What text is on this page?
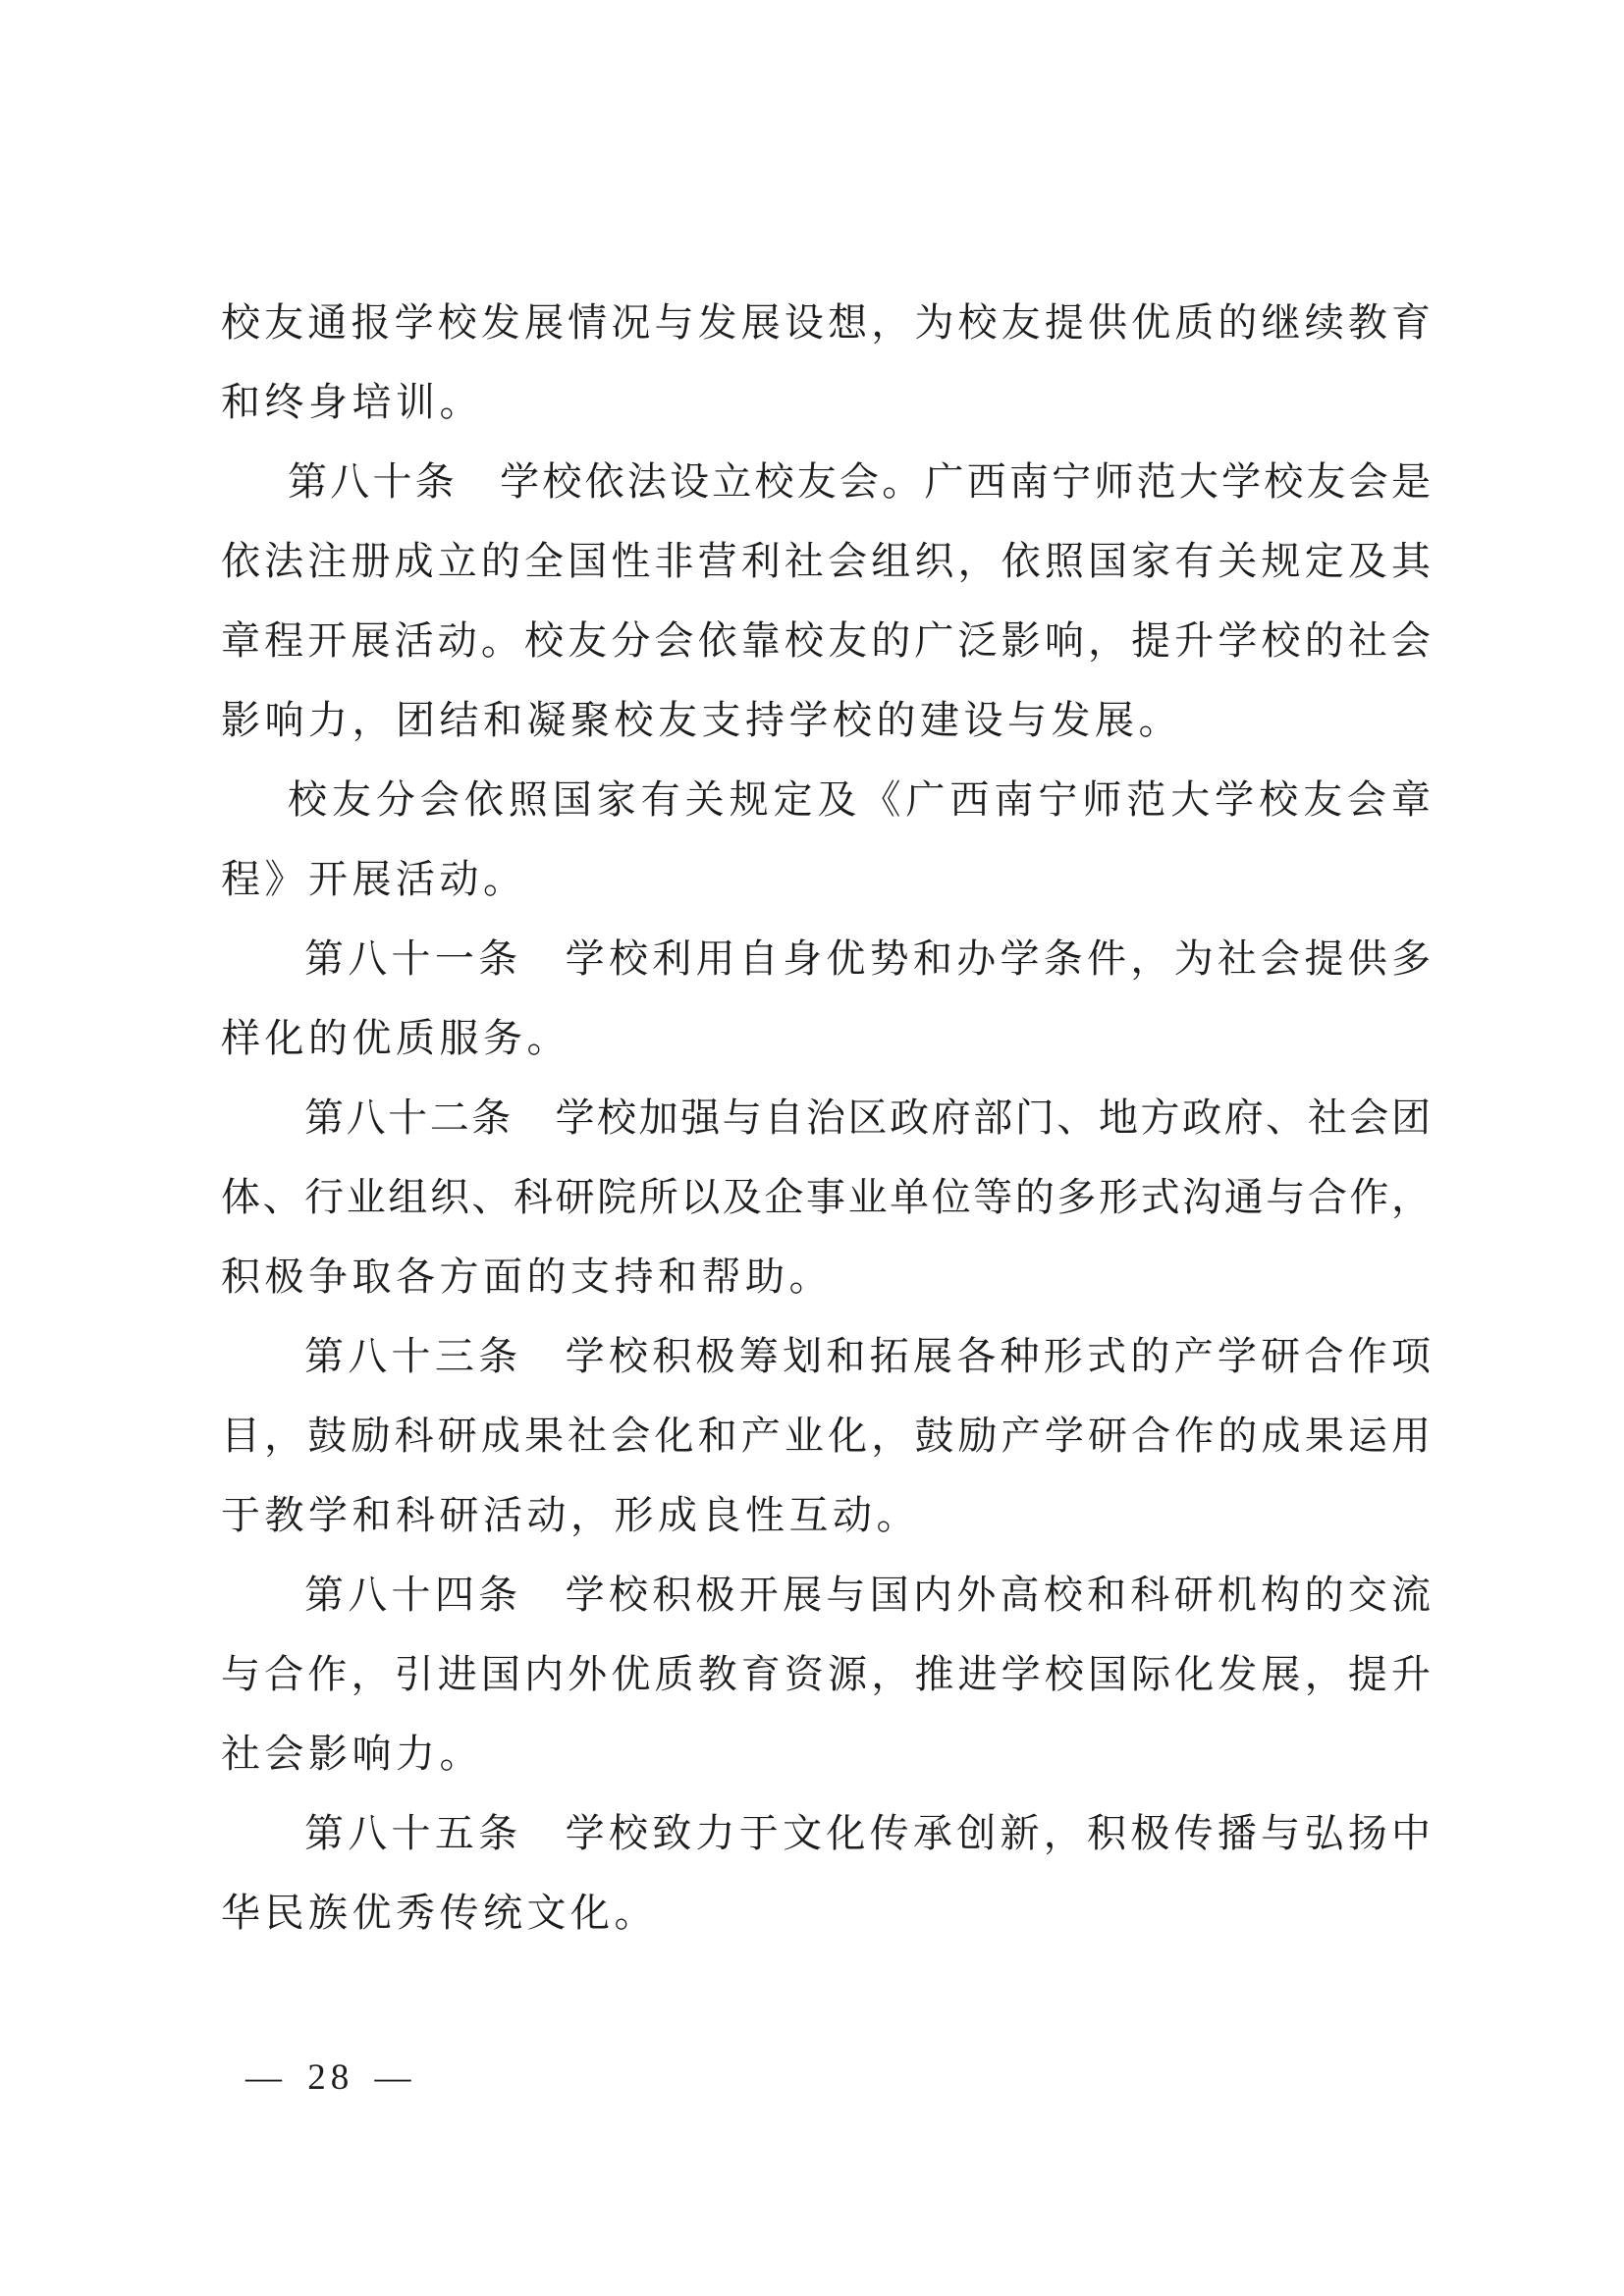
校友通报学校发展情况与发展设想，为校友提供优质的继续教育
和终身培训。
第八十条　学校依法设立校友会。广西南宁师范大学校友会是
依法注册成立的全国性非营利社会组织，依照国家有关规定及其
章程开展活动。校友分会依靠校友的广泛影响，提升学校的社会
影响力，团结和凝聚校友支持学校的建设与发展。
校友分会依照国家有关规定及《广西南宁师范大学校友会章
程》开展活动。
第八十一条　学校利用自身优势和办学条件，为社会提供多
样化的优质服务。
第八十二条　学校加强与自治区政府部门、地方政府、社会团
体、行业组织、科研院所以及企事业单位等的多形式沟通与合作，
积极争取各方面的支持和帮助。
第八十三条　学校积极筹划和拓展各种形式的产学研合作项
目，鼓励科研成果社会化和产业化，鼓励产学研合作的成果运用
于教学和科研活动，形成良性互动。
第八十四条　学校积极开展与国内外高校和科研机构的交流
与合作，引进国内外优质教育资源，推进学校国际化发展，提升
社会影响力。
第八十五条　学校致力于文化传承创新，积极传播与弘扬中
华民族优秀传统文化。
— 28 —
